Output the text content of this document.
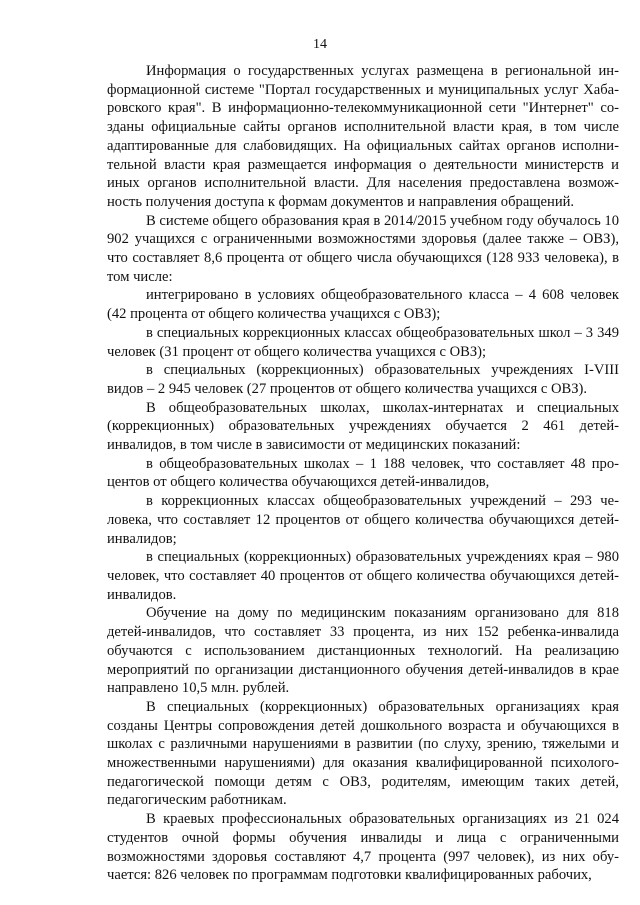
14

Информация о государственных услугах размещена в региональной информационной системе "Портал государственных и муниципальных услуг Хабаровского края". В информационно-телекоммуникационной сети "Интернет" созданы официальные сайты органов исполнительной власти края, в том числе адаптированные для слабовидящих. На официальных сайтах органов исполнительной власти края размещается информация о деятельности министерств и иных органов исполнительной власти. Для населения предоставлена возможность получения доступа к формам документов и направления обращений.

В системе общего образования края в 2014/2015 учебном году обучалось 10 902 учащихся с ограниченными возможностями здоровья (далее также – ОВЗ), что составляет 8,6 процента от общего числа обучающихся (128 933 человека), в том числе:

интегрировано в условиях общеобразовательного класса – 4 608 человек (42 процента от общего количества учащихся с ОВЗ);

в специальных коррекционных классах общеобразовательных школ – 3 349 человек (31 процент от общего количества учащихся с ОВЗ);

в специальных (коррекционных) образовательных учреждениях I-VIII видов – 2 945 человек (27 процентов от общего количества учащихся с ОВЗ).

В общеобразовательных школах, школах-интернатах и специальных (коррекционных) образовательных учреждениях обучается 2 461 детей-инвалидов, в том числе в зависимости от медицинских показаний:

в общеобразовательных школах – 1 188 человек, что составляет 48 процентов от общего количества обучающихся детей-инвалидов,

в коррекционных классах общеобразовательных учреждений – 293 человека, что составляет 12 процентов от общего количества обучающихся детей-инвалидов;

в специальных (коррекционных) образовательных учреждениях края – 980 человек, что составляет 40 процентов от общего количества обучающихся детей-инвалидов.

Обучение на дому по медицинским показаниям организовано для 818 детей-инвалидов, что составляет 33 процента, из них 152 ребенка-инвалида обучаются с использованием дистанционных технологий. На реализацию мероприятий по организации дистанционного обучения детей-инвалидов в крае направлено 10,5 млн. рублей.

В специальных (коррекционных) образовательных организациях края созданы Центры сопровождения детей дошкольного возраста и обучающихся в школах с различными нарушениями в развитии (по слуху, зрению, тяжелыми и множественными нарушениями) для оказания квалифицированной психолого-педагогической помощи детям с ОВЗ, родителям, имеющим таких детей, педагогическим работникам.

В краевых профессиональных образовательных организациях из 21 024 студентов очной формы обучения инвалиды и лица с ограниченными возможностями здоровья составляют 4,7 процента (997 человек), из них обучается: 826 человек по программам подготовки квалифицированных рабочих,
